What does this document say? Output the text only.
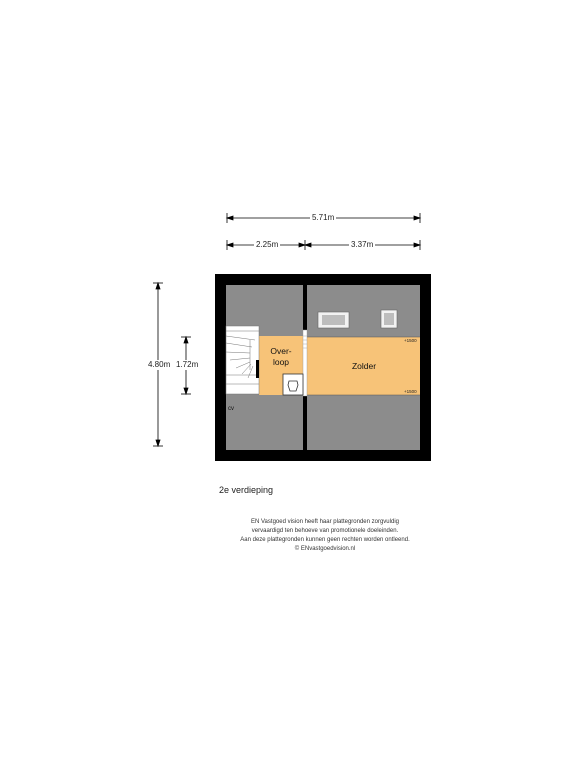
5.71m
2.25m	3.37m
4.80m 1.72m
Over-
loop	Zolder
cv
+1500
+1500
2e verdieping
EN Vastgoed vision heeft haar plattegronden zorgvuldig
vervaardigd ten behoeve van promotionele doeleinden.
Aan deze plattegronden kunnen geen rechten worden ontleend.
© ENvastgoedvision.nl
